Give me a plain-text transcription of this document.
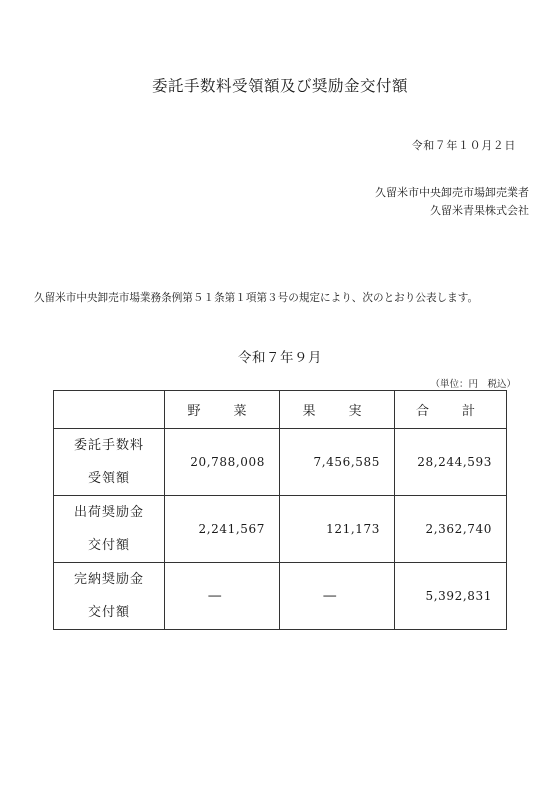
委託手数料受領額及び奨励金交付額
令和７年１０月２日
久留米市中央卸売市場卸売業者
久留米青果株式会社
久留米市中央卸売市場業務条例第５１条第１項第３号の規定により、次のとおり公表します。
令和７年９月
（単位：円　税込）
	野　菜	果　実	合　計

委託手数料
受領額	20,788,008	7,456,585	28,244,593

出荷奨励金
交付額	2,241,567	121,173	2,362,740

完納奨励金
交付額	—	—	5,392,831
